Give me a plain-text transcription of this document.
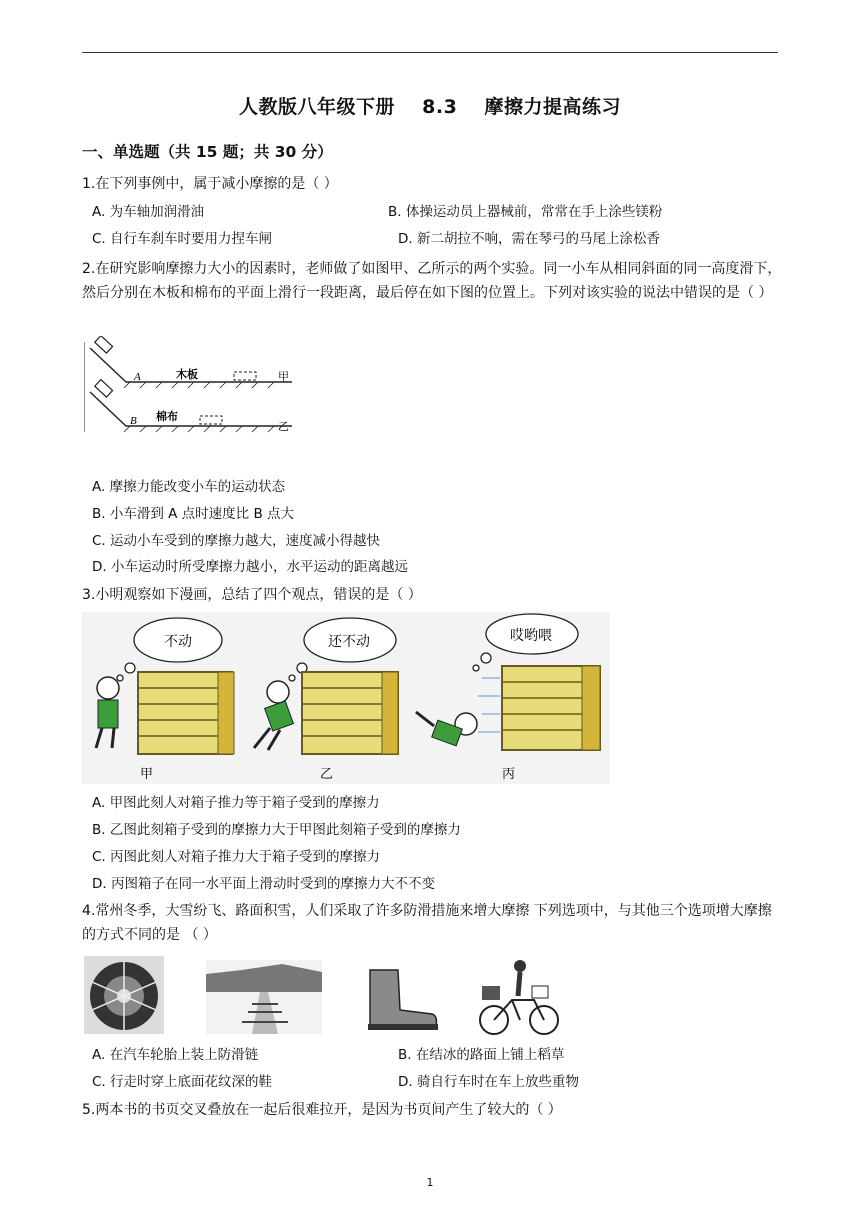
人教版八年级下册 8.3 摩擦力提高练习
一、单选题（共 15 题；共 30 分）
1.在下列事例中，属于减小摩擦的是（ ）
A. 为车轴加润滑油	B. 体操运动员上器械前，常常在手上涂些镁粉
C. 自行车刹车时要用力捏车闸	D. 新二胡拉不响，需在琴弓的马尾上涂松香
2.在研究影响摩擦力大小的因素时，老师做了如图甲、乙所示的两个实验。同一小车从相同斜面的同一高度滑下，然后分别在木板和棉布的平面上滑行一段距离，最后停在如下图的位置上。下列对该实验的说法中错误的是（ ）
A
B
木板
棉布
甲
乙
A. 摩擦力能改变小车的运动状态
B. 小车滑到 A 点时速度比 B 点大
C. 运动小车受到的摩擦力越大，速度减小得越快
D. 小车运动时所受摩擦力越小，水平运动的距离越远
3.小明观察如下漫画，总结了四个观点，错误的是（ ）
不动	还不动	哎哟喂
甲	乙	丙
A. 甲图此刻人对箱子推力等于箱子受到的摩擦力
B. 乙图此刻箱子受到的摩擦力大于甲图此刻箱子受到的摩擦力
C. 丙图此刻人对箱子推力大于箱子受到的摩擦力
D. 丙图箱子在同一水平面上滑动时受到的摩擦力大不不变
4.常州冬季，大雪纷飞、路面积雪，人们采取了许多防滑措施来增大摩擦 下列选项中，与其他三个选项增大摩擦的方式不同的是 （ ）
A. 在汽车轮胎上装上防滑链	B. 在结冰的路面上铺上稻草
C. 行走时穿上底面花纹深的鞋	D. 骑自行车时在车上放些重物
5.两本书的书页交叉叠放在一起后很难拉开，是因为书页间产生了较大的（ ）
1
